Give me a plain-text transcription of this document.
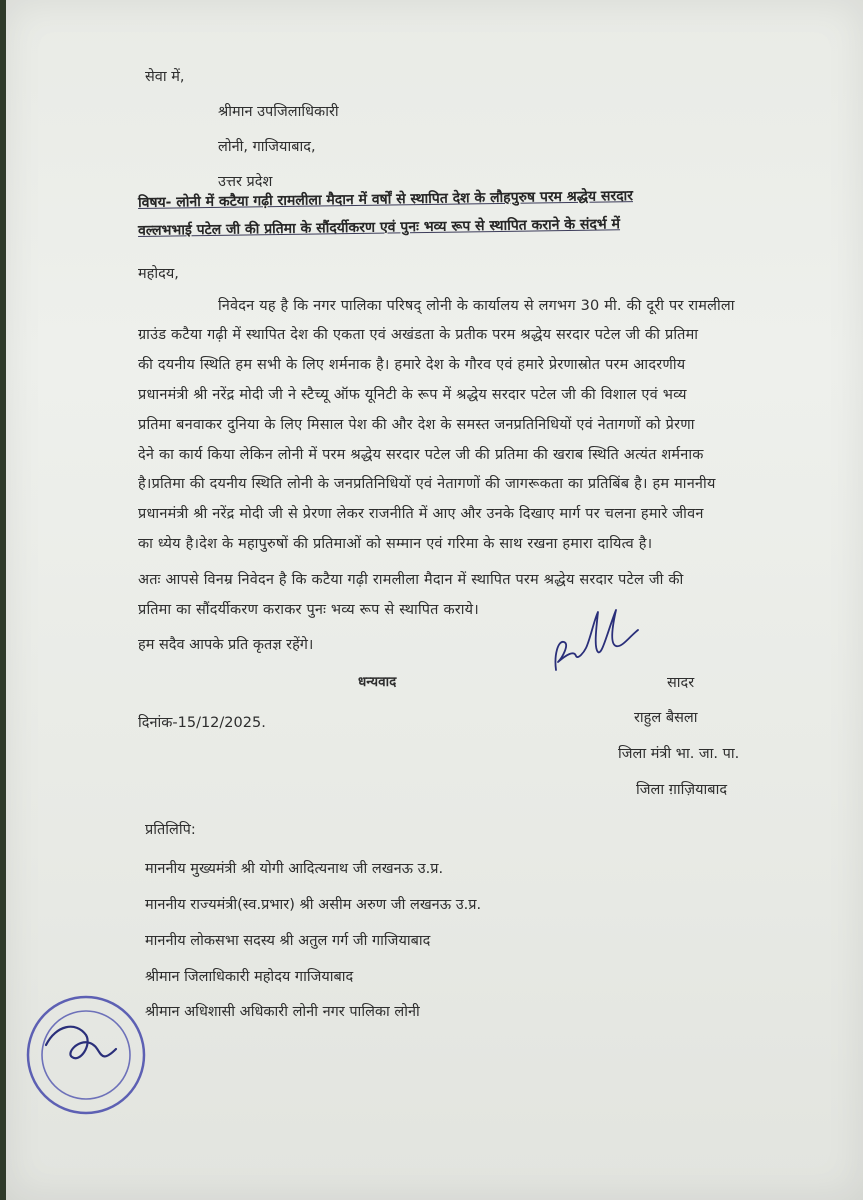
सेवा में,
श्रीमान उपजिलाधिकारी
लोनी, गाजियाबाद,
उत्तर प्रदेश
विषय- लोनी में कटैया गढ़ी रामलीला मैदान में वर्षों से स्थापित देश के लौहपुरुष परम श्रद्धेय सरदार
वल्लभभाई पटेल जी की प्रतिमा के सौंदर्यीकरण एवं पुनः भव्य रूप से स्थापित कराने के संदर्भ में
महोदय,
निवेदन यह है कि नगर पालिका परिषद् लोनी के कार्यालय से लगभग 30 मी. की दूरी पर रामलीला
ग्राउंड कटैया गढ़ी में स्थापित देश की एकता एवं अखंडता के प्रतीक परम श्रद्धेय सरदार पटेल जी की प्रतिमा
की दयनीय स्थिति हम सभी के लिए शर्मनाक है। हमारे देश के गौरव एवं हमारे प्रेरणास्रोत परम आदरणीय
प्रधानमंत्री श्री नरेंद्र मोदी जी ने स्टैच्यू ऑफ यूनिटी के रूप में श्रद्धेय सरदार पटेल जी की विशाल एवं भव्य
प्रतिमा बनवाकर दुनिया के लिए मिसाल पेश की और देश के समस्त जनप्रतिनिधियों एवं नेतागणों को प्रेरणा
देने का कार्य किया लेकिन लोनी में परम श्रद्धेय सरदार पटेल जी की प्रतिमा की खराब स्थिति अत्यंत शर्मनाक
है।प्रतिमा की दयनीय स्थिति लोनी के जनप्रतिनिधियों एवं नेतागणों की जागरूकता का प्रतिबिंब है। हम माननीय
प्रधानमंत्री श्री नरेंद्र मोदी जी से प्रेरणा लेकर राजनीति में आए और उनके दिखाए मार्ग पर चलना हमारे जीवन
का ध्येय है।देश के महापुरुषों की प्रतिमाओं को सम्मान एवं गरिमा के साथ रखना हमारा दायित्व है।
अतः आपसे विनम्र निवेदन है कि कटैया गढ़ी रामलीला मैदान में स्थापित परम श्रद्धेय सरदार पटेल जी की
प्रतिमा का सौंदर्यीकरण कराकर पुनः भव्य रूप से स्थापित कराये।
हम सदैव आपके प्रति कृतज्ञ रहेंगे।
धन्यवाद
दिनांक-15/12/2025.
सादर
राहुल बैसला
जिला मंत्री भा. जा. पा.
जिला ग़ाज़ियाबाद
प्रतिलिपि:
माननीय मुख्यमंत्री श्री योगी आदित्यनाथ जी लखनऊ उ.प्र.
माननीय राज्यमंत्री(स्व.प्रभार) श्री असीम अरुण जी लखनऊ उ.प्र.
माननीय लोकसभा सदस्य श्री अतुल गर्ग जी गाजियाबाद
श्रीमान जिलाधिकारी महोदय गाजियाबाद
श्रीमान अधिशासी अधिकारी लोनी नगर पालिका लोनी
